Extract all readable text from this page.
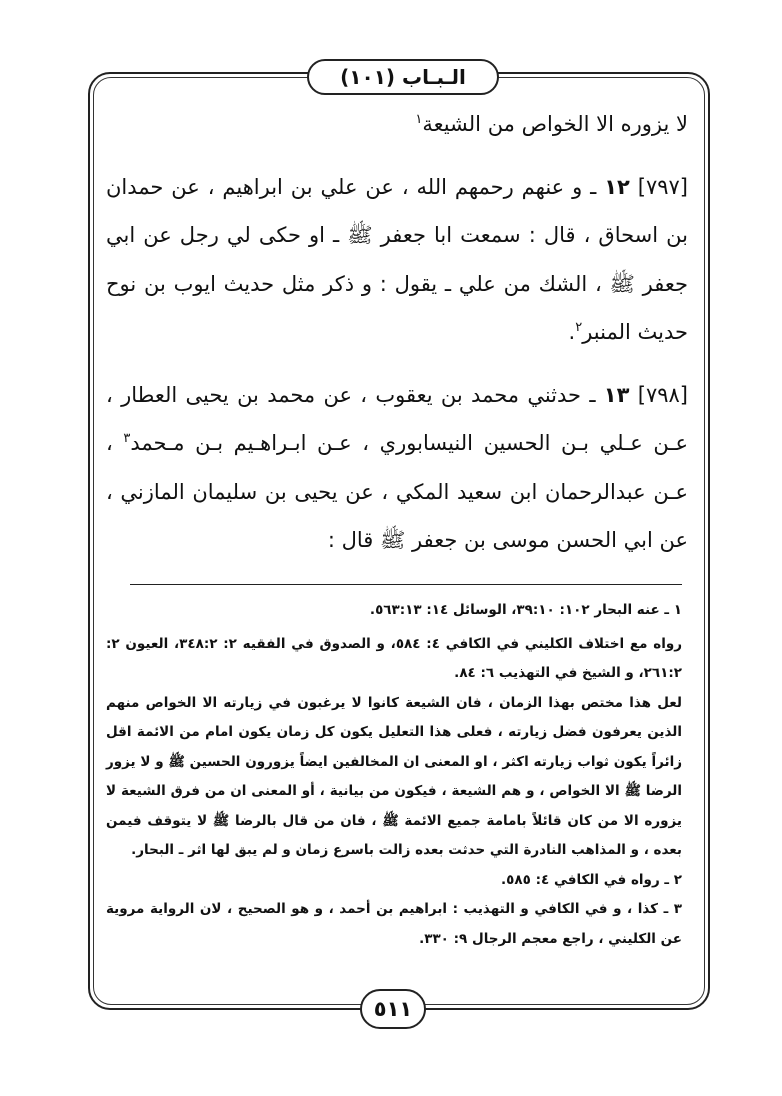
الـبـاب (١٠١)

لا يزوره الا الخواص من الشيعة$^١$

[٧٩٧] ١٢ ـ و عنهم رحمهم الله ، عن علي بن ابراهيم ، عن حمدان بن اسحاق ، قال : سمعت ابا جعفر ﷺ ـ او حكى لي رجل عن ابي جعفر ﷺ ، الشك من علي ـ يقول : و ذكر مثل حديث ايوب بن نوح حديث المنبر$^٢$.

[٧٩٨] ١٣ ـ حدثني محمد بن يعقوب ، عن محمد بن يحيى العطار ، عـن عـلي بـن الحسين النيسابوري ، عـن ابـراهـيم بـن مـحمد$^٣$ ، عـن عبدالرحمان ابن سعيد المكي ، عن يحيى بن سليمان المازني ، عن ابي الحسن موسى بن جعفر ﷺ قال :

١ ـ عنه البحار ١٠٢: ٣٩:١٠، الوسائل ١٤: ٥٦٣:١٣.

رواه مع اختلاف الكليني في الكافي ٤: ٥٨٤، و الصدوق في الفقيه ٢: ٣٤٨:٢، العيون ٢: ٢٦١:٢، و الشيخ في التهذيب ٦: ٨٤.

لعل هذا مختص بهذا الزمان ، فان الشيعة كانوا لا يرغبون في زيارته الا الخواص منهم الذين يعرفون فضل زيارته ، فعلى هذا التعليل يكون كل زمان يكون امام من الائمة اقل زائراً يكون ثواب زيارته اكثر ، او المعنى ان المخالفين ايضاً يزورون الحسين ﷺ و لا يزور الرضا ﷺ الا الخواص ، و هم الشيعة ، فيكون من بيانية ، أو المعنى ان من فرق الشيعة لا يزوره الا من كان قائلاً بامامة جميع الائمة ﷺ ، فان من قال بالرضا ﷺ لا يتوقف فيمن بعده ، و المذاهب النادرة التي حدثت بعده زالت باسرع زمان و لم يبق لها اثر ـ البحار.

٢ ـ رواه في الكافي ٤: ٥٨٥.

٣ ـ كذا ، و في الكافي و التهذيب : ابراهيم بن أحمد ، و هو الصحيح ، لان الرواية مروية عن الكليني ، راجع معجم الرجال ٩: ٣٣٠.

٥١١
